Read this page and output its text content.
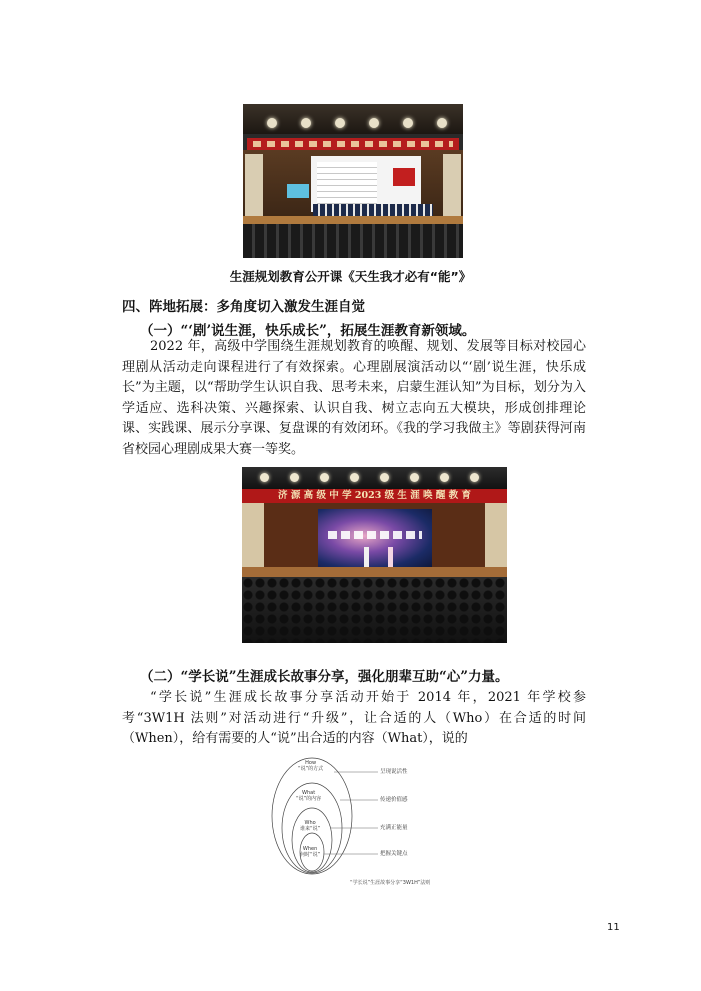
生涯规划教育公开课《天生我才必有“能”》
四、阵地拓展：多角度切入激发生涯自觉
（一）“‘剧’说生涯，快乐成长”，拓展生涯教育新领域。

2022 年，高级中学围绕生涯规划教育的唤醒、规划、发展等目标对校园心理剧从活动走向课程进行了有效探索。心理剧展演活动以“‘剧’说生涯，快乐成长”为主题，以“帮助学生认识自我、思考未来，启蒙生涯认知”为目标，划分为入学适应、选科决策、兴趣探索、认识自我、树立志向五大模块，形成创排理论课、实践课、展示分享课、复盘课的有效闭环。《我的学习我做主》等剧获得河南省校园心理剧成果大赛一等奖。

济 源 高 级 中 学 2023 级 生 涯 唤 醒 教 育
（二）“学长说”生涯成长故事分享，强化朋辈互助“心”力量。

“学长说”生涯成长故事分享活动开始于 2014 年，2021 年学校参考“3W1H 法则”对活动进行“升级”，让合适的人（Who）在合适的时间（When），给有需要的人“说”出合适的内容（What），说的

How
“说”的方式
What
“说”的内容
Who
谁来“说”
When
何时“说”
呈现说活性
传递价值感
充满正能量
把握关键点
“学长说”生涯故事分享“3W1H”法则
11
